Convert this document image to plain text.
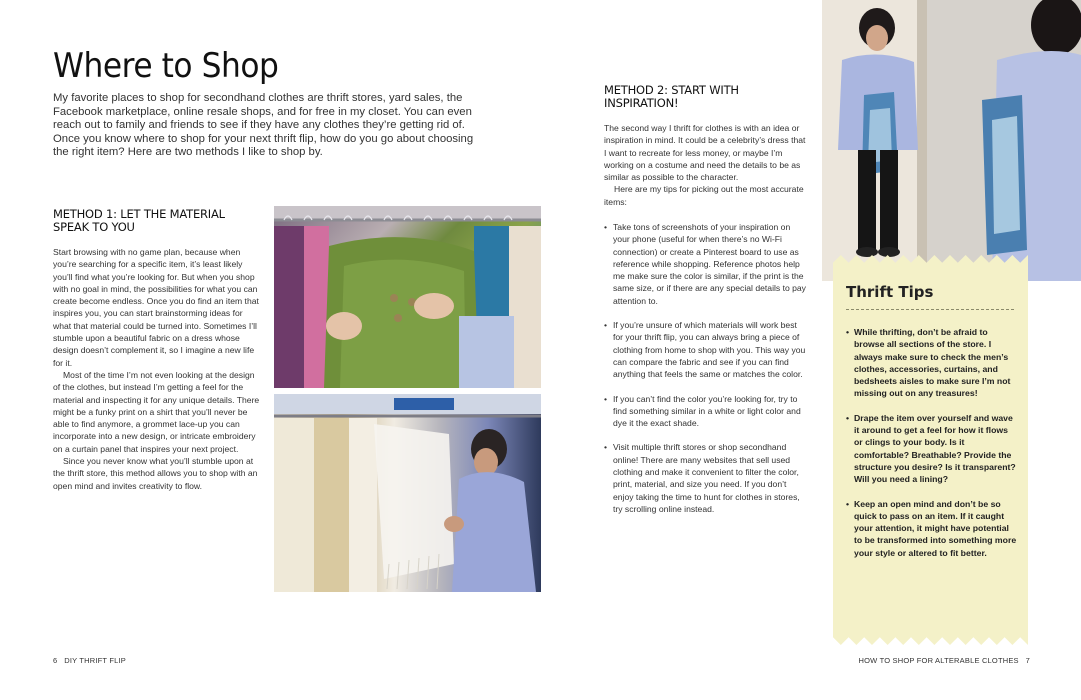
Where to Shop

My favorite places to shop for secondhand clothes are thrift stores, yard sales, the Facebook marketplace, online resale shops, and for free in my closet. You can even reach out to family and friends to see if they have any clothes they’re getting rid of. Once you know where to shop for your next thrift flip, how do you go about choosing the right item? Here are two methods I like to shop by.

METHOD 1: LET THE MATERIAL SPEAK TO YOU

Start browsing with no game plan, because when you’re searching for a specific item, it’s least likely you’ll find what you’re looking for. But when you shop with no goal in mind, the possibilities for what you can create become endless. Once you do find an item that inspires you, you can start brainstorming ideas for what that material could be turned into. Sometimes I’ll stumble upon a beautiful fabric on a dress whose design doesn’t complement it, so I imagine a new life for it.

Most of the time I’m not even looking at the design of the clothes, but instead I’m getting a feel for the material and inspecting it for any unique details. There might be a funky print on a shirt that you’ll never be able to find anymore, a grommet lace-up you can incorporate into a new design, or intricate embroidery on a curtain panel that inspires your next project.

Since you never know what you’ll stumble upon at the thrift store, this method allows you to shop with an open mind and invites creativity to flow.

METHOD 2: START WITH INSPIRATION!

The second way I thrift for clothes is with an idea or inspiration in mind. It could be a celebrity’s dress that I want to recreate for less money, or maybe I’m working on a costume and need the details to be as similar as possible to the character.

Here are my tips for picking out the most accurate items:

• Take tons of screenshots of your inspiration on your phone (useful for when there’s no Wi-Fi connection) or create a Pinterest board to use as reference while shopping. Reference photos help me make sure the color is similar, if the print is the same size, or if there are any special details to pay attention to.
• If you’re unsure of which materials will work best for your thrift flip, you can always bring a piece of clothing from home to shop with you. This way you can compare the fabric and see if you can find anything that feels the same or matches the color.
• If you can’t find the color you’re looking for, try to find something similar in a white or light color and dye it the exact shade.
• Visit multiple thrift stores or shop secondhand online! There are many websites that sell used clothing and make it convenient to filter the color, print, material, and size you need. If you don’t enjoy taking the time to hunt for clothes in stores, try scrolling online instead.
Thrift Tips
• While thrifting, don’t be afraid to browse all sections of the store. I always make sure to check the men’s clothes, accessories, curtains, and bedsheets aisles to make sure I’m not missing out on any treasures!
• Drape the item over yourself and wave it around to get a feel for how it flows or clings to your body. Is it comfortable? Breathable? Provide the structure you desire? Is it transparent? Will you need a lining?
• Keep an open mind and don’t be so quick to pass on an item. If it caught your attention, it might have potential to be transformed into something more your style or altered to fit better.
6 DIY THRIFT FLIP	HOW TO SHOP FOR ALTERABLE CLOTHES 7
